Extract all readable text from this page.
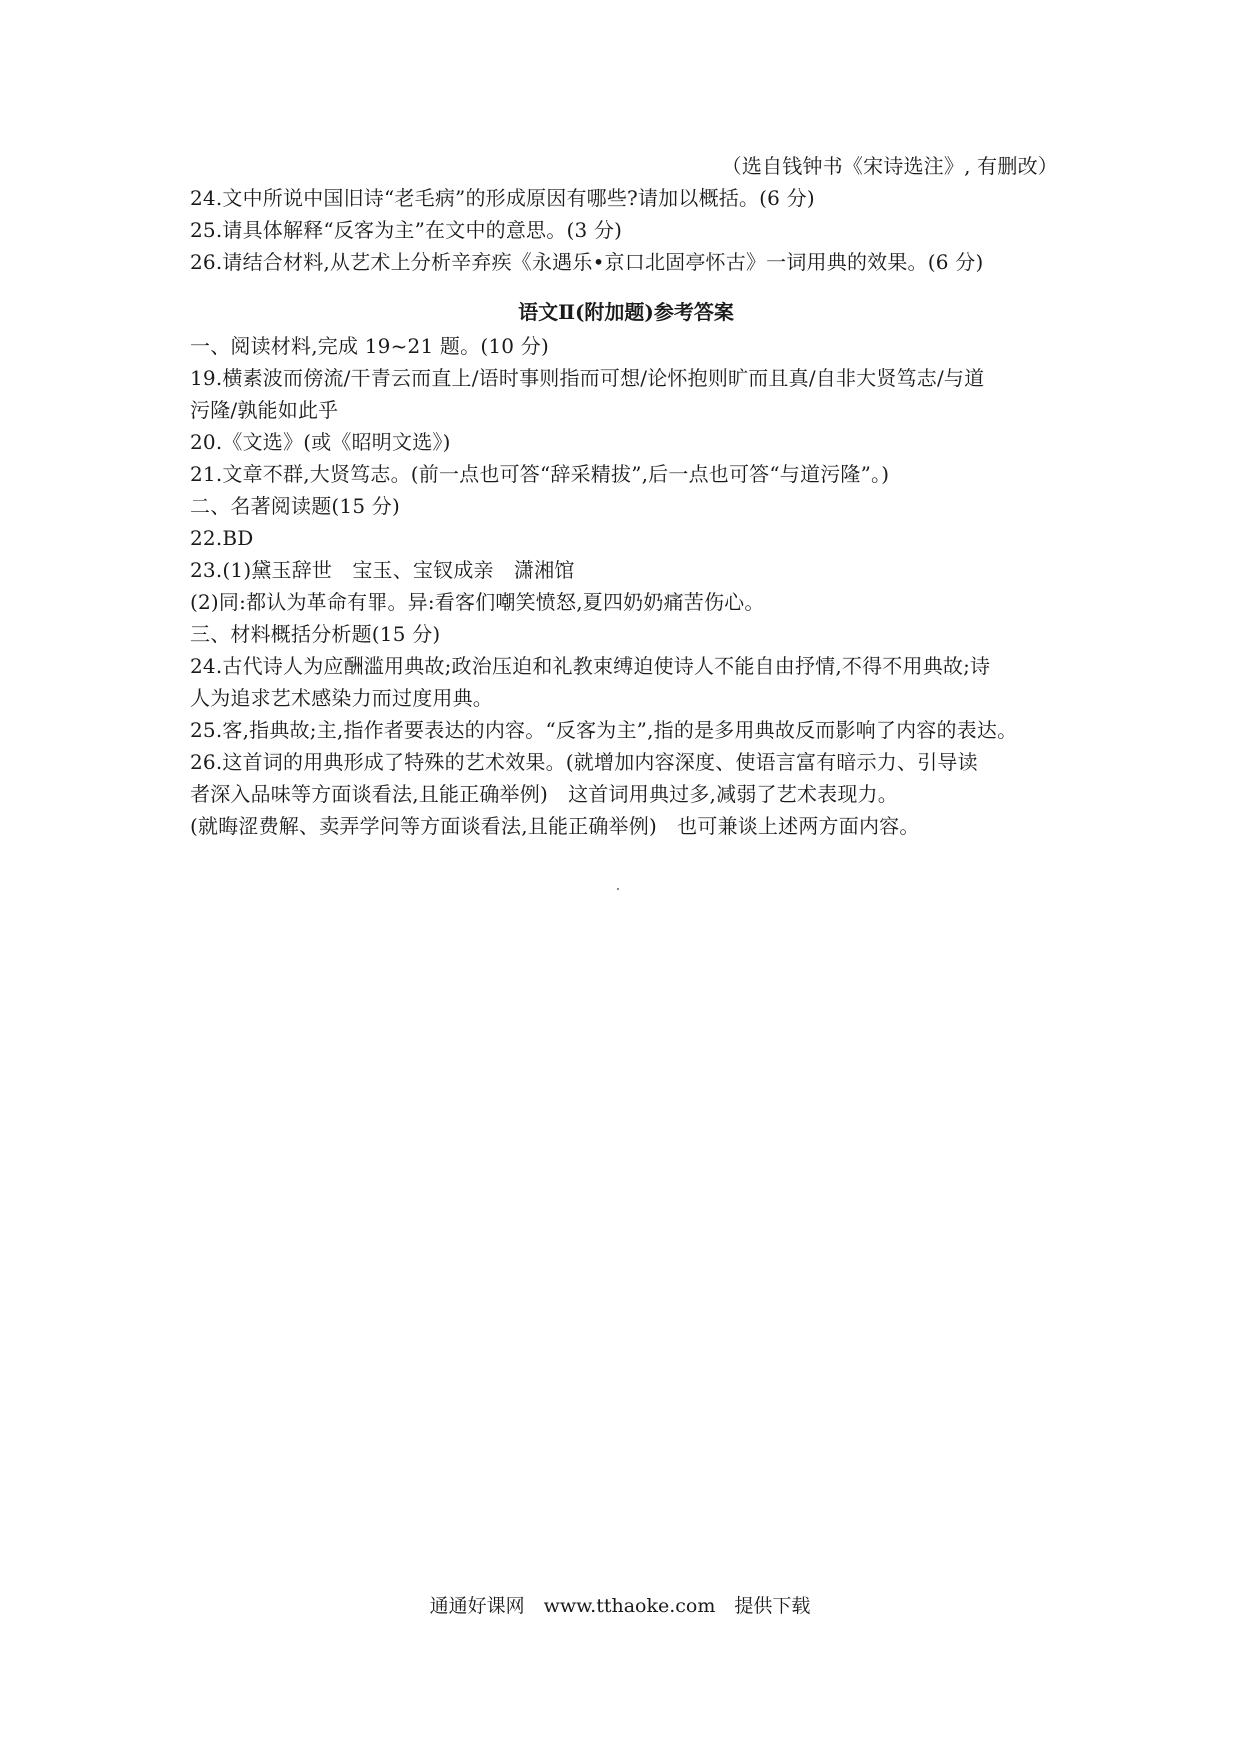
（选自钱钟书《宋诗选注》, 有删改）
24.文中所说中国旧诗“老毛病”的形成原因有哪些?请加以概括。(6 分)
25.请具体解释“反客为主”在文中的意思。(3 分)
26.请结合材料,从艺术上分析辛弃疾《永遇乐•京口北固亭怀古》一词用典的效果。(6 分)
语文Ⅱ(附加题)参考答案
一、阅读材料,完成 19~21 题。(10 分)
19.横素波而傍流/干青云而直上/语时事则指而可想/论怀抱则旷而且真/自非大贤笃志/与道
污隆/孰能如此乎
20.《文选》(或《昭明文选》)
21.文章不群,大贤笃志。(前一点也可答“辞采精拔”,后一点也可答“与道污隆”。)
二、名著阅读题(15 分)
22.BD
23.(1)黛玉辞世　宝玉、宝钗成亲　潇湘馆
(2)同:都认为革命有罪。异:看客们嘲笑愤怒,夏四奶奶痛苦伤心。
三、材料概括分析题(15 分)
24.古代诗人为应酬滥用典故;政治压迫和礼教束缚迫使诗人不能自由抒情,不得不用典故;诗
人为追求艺术感染力而过度用典。
25.客,指典故;主,指作者要表达的内容。“反客为主”,指的是多用典故反而影响了内容的表达。
26.这首词的用典形成了特殊的艺术效果。(就增加内容深度、使语言富有暗示力、引导读
者深入品味等方面谈看法,且能正确举例)　这首词用典过多,减弱了艺术表现力。
(就晦涩费解、卖弄学问等方面谈看法,且能正确举例)　也可兼谈上述两方面内容。
通通好课网　www.tthaoke.com　提供下载
